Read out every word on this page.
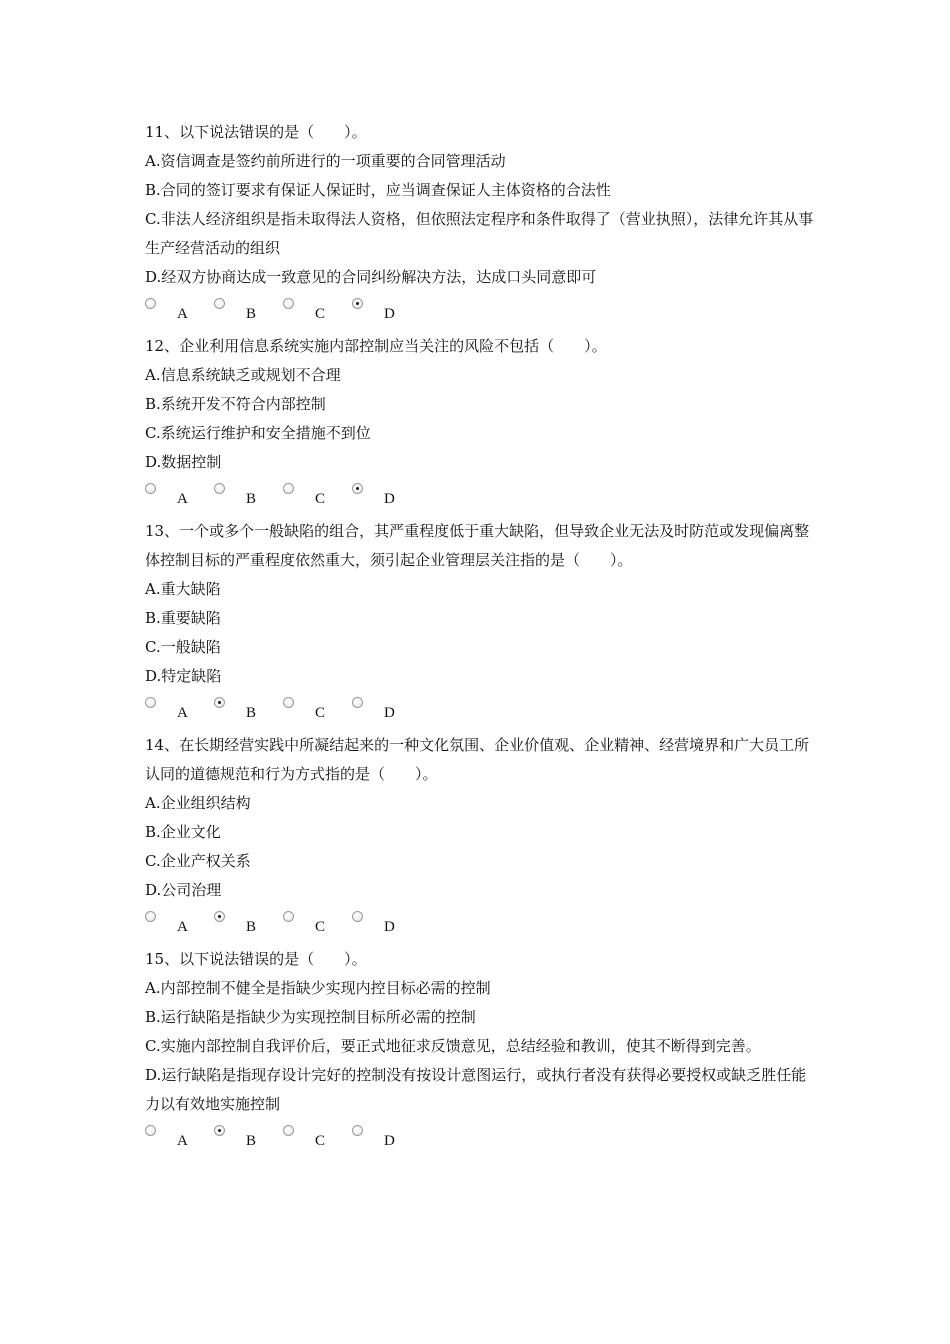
11、以下说法错误的是（　　）。

A.资信调查是签约前所进行的一项重要的合同管理活动

B.合同的签订要求有保证人保证时，应当调查保证人主体资格的合法性

C.非法人经济组织是指未取得法人资格，但依照法定程序和条件取得了（营业执照），法律允许其从事生产经营活动的组织

D.经双方协商达成一致意见的合同纠纷解决方法，达成口头同意即可

A	B	C	D

12、企业利用信息系统实施内部控制应当关注的风险不包括（　　）。

A.信息系统缺乏或规划不合理

B.系统开发不符合内部控制

C.系统运行维护和安全措施不到位

D.数据控制

A	B	C	D

13、一个或多个一般缺陷的组合，其严重程度低于重大缺陷，但导致企业无法及时防范或发现偏离整体控制目标的严重程度依然重大，须引起企业管理层关注指的是（　　）。

A.重大缺陷

B.重要缺陷

C.一般缺陷

D.特定缺陷

A	B	C	D

14、在长期经营实践中所凝结起来的一种文化氛围、企业价值观、企业精神、经营境界和广大员工所认同的道德规范和行为方式指的是（　　）。

A.企业组织结构

B.企业文化

C.企业产权关系

D.公司治理

A	B	C	D

15、以下说法错误的是（　　）。

A.内部控制不健全是指缺少实现内控目标必需的控制

B.运行缺陷是指缺少为实现控制目标所必需的控制

C.实施内部控制自我评价后，要正式地征求反馈意见，总结经验和教训，使其不断得到完善。

D.运行缺陷是指现存设计完好的控制没有按设计意图运行，或执行者没有获得必要授权或缺乏胜任能力以有效地实施控制

A	B	C	D
